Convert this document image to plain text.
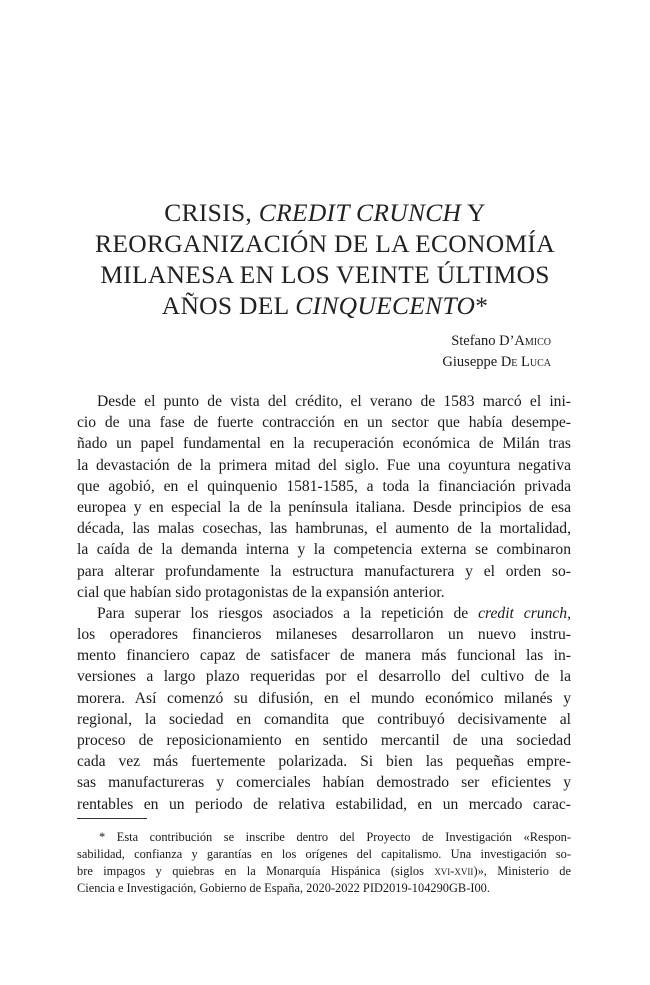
CRISIS, CREDIT CRUNCH Y
REORGANIZACIÓN DE LA ECONOMÍA
MILANESA EN LOS VEINTE ÚLTIMOS
AÑOS DEL CINQUECENTO*
Stefano D’Amico
Giuseppe De Luca
Desde el punto de vista del crédito, el verano de 1583 marcó el ini-
cio de una fase de fuerte contracción en un sector que había desempe-
ñado un papel fundamental en la recuperación económica de Milán tras
la devastación de la primera mitad del siglo. Fue una coyuntura negativa
que agobió, en el quinquenio 1581-1585, a toda la financiación privada
europea y en especial la de la península italiana. Desde principios de esa
década, las malas cosechas, las hambrunas, el aumento de la mortalidad,
la caída de la demanda interna y la competencia externa se combinaron
para alterar profundamente la estructura manufacturera y el orden so-
cial que habían sido protagonistas de la expansión anterior.
Para superar los riesgos asociados a la repetición de credit crunch,
los operadores financieros milaneses desarrollaron un nuevo instru-
mento financiero capaz de satisfacer de manera más funcional las in-
versiones a largo plazo requeridas por el desarrollo del cultivo de la
morera. Así comenzó su difusión, en el mundo económico milanés y
regional, la sociedad en comandita que contribuyó decisivamente al
proceso de reposicionamiento en sentido mercantil de una sociedad
cada vez más fuertemente polarizada. Si bien las pequeñas empre-
sas manufactureras y comerciales habían demostrado ser eficientes y
rentables en un periodo de relativa estabilidad, en un mercado carac-
* Esta contribución se inscribe dentro del Proyecto de Investigación «Respon-
sabilidad, confianza y garantías en los orígenes del capitalismo. Una investigación so-
bre impagos y quiebras en la Monarquía Hispánica (siglos xvi-xvii)», Ministerio de
Ciencia e Investigación, Gobierno de España, 2020-2022 PID2019-104290GB-I00.
